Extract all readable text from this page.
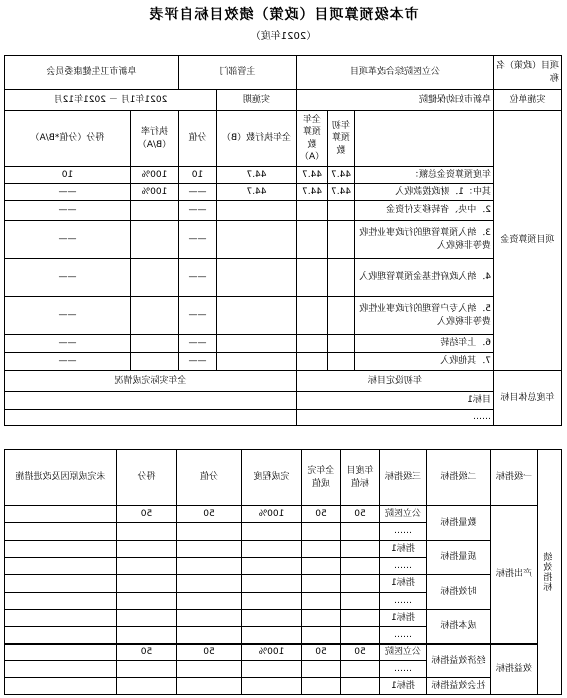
市本级预算项目（政策）绩效目标自评表
（2021年度）
项目（政策）名称	公立医院综合改革项目			主管部门		阜新市卫生健康委员会	
实施单位	阜新市妇幼保健院			实施期	2021年1月 － 2021年12月		
项目预算资金		年初预算数	全年预算数（A）	全年执行数（B）	分值	执行率（B/A）	得分（分值*B/A）
	年度预算资金总额：	44.7	44.7	44.7	10	100%	10
	其中：1．财政拨款收入	44.7	44.7	44.7	——	100%	——
	2．中央、省转移支付资金				——		——
	3．纳入预算管理的行政事业性收费等非税收入				——		——
	4．纳入政府性基金预算管理收入				——		——
	5．纳入专户管理的行政事业性收费等非税收入				——		——
	6．上年结转				——		——
	7．其他收入				——		——
年度总体目标	年初设定目标			全年实际完成情况			
	目标1						
	……						
绩效指标	一级指标	二级指标	三级指标	年度目标值	全年完成值	完成程度	分值	得分	未完成原因及改进措施
	产出指标	数量指标	公立医院	50	50	100%	50	50	
			……						
		质量指标	指标1						
			……						
		时效指标	指标1						
			……						
		成本指标	指标1						
			……						
	效益指标	经济效益指标	公立医院	50	50	100%	50	50	
			……						
		社会效益指标	指标1						
